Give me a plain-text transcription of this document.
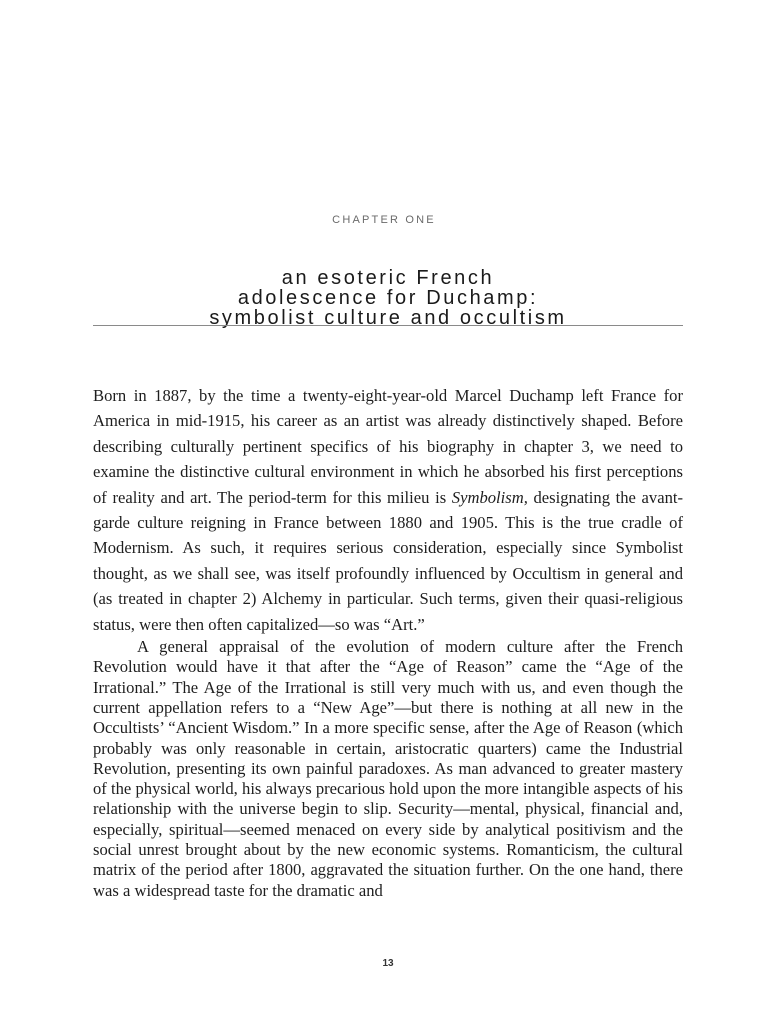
CHAPTER ONE
an esoteric French
adolescence for Duchamp:
symbolist culture and occultism

Born in 1887, by the time a twenty-eight-year-old Marcel Duchamp left France for America in mid-1915, his career as an artist was already distinctively shaped. Before describing culturally pertinent specifics of his biography in chapter 3, we need to examine the distinctive cultural environment in which he absorbed his first perceptions of reality and art. The period-term for this milieu is Symbolism, designating the avant-garde culture reigning in France between 1880 and 1905. This is the true cradle of Modernism. As such, it requires serious consideration, especially since Symbolist thought, as we shall see, was itself profoundly influenced by Occultism in general and (as treated in chapter 2) Alchemy in particular. Such terms, given their quasi-religious status, were then often capitalized—so was “Art.”

A general appraisal of the evolution of modern culture after the French Revolution would have it that after the “Age of Reason” came the “Age of the Irrational.” The Age of the Irrational is still very much with us, and even though the current appellation refers to a “New Age”—but there is nothing at all new in the Occultists’ “Ancient Wisdom.” In a more specific sense, after the Age of Reason (which probably was only reasonable in certain, aristocratic quarters) came the Industrial Revolution, presenting its own painful paradoxes. As man advanced to greater mastery of the physical world, his always precarious hold upon the more intangible aspects of his relationship with the universe begin to slip. Security—mental, physical, financial and, especially, spiritual—seemed menaced on every side by analytical positivism and the social unrest brought about by the new economic systems. Romanticism, the cultural matrix of the period after 1800, aggravated the situation further. On the one hand, there was a widespread taste for the dramatic and

13
